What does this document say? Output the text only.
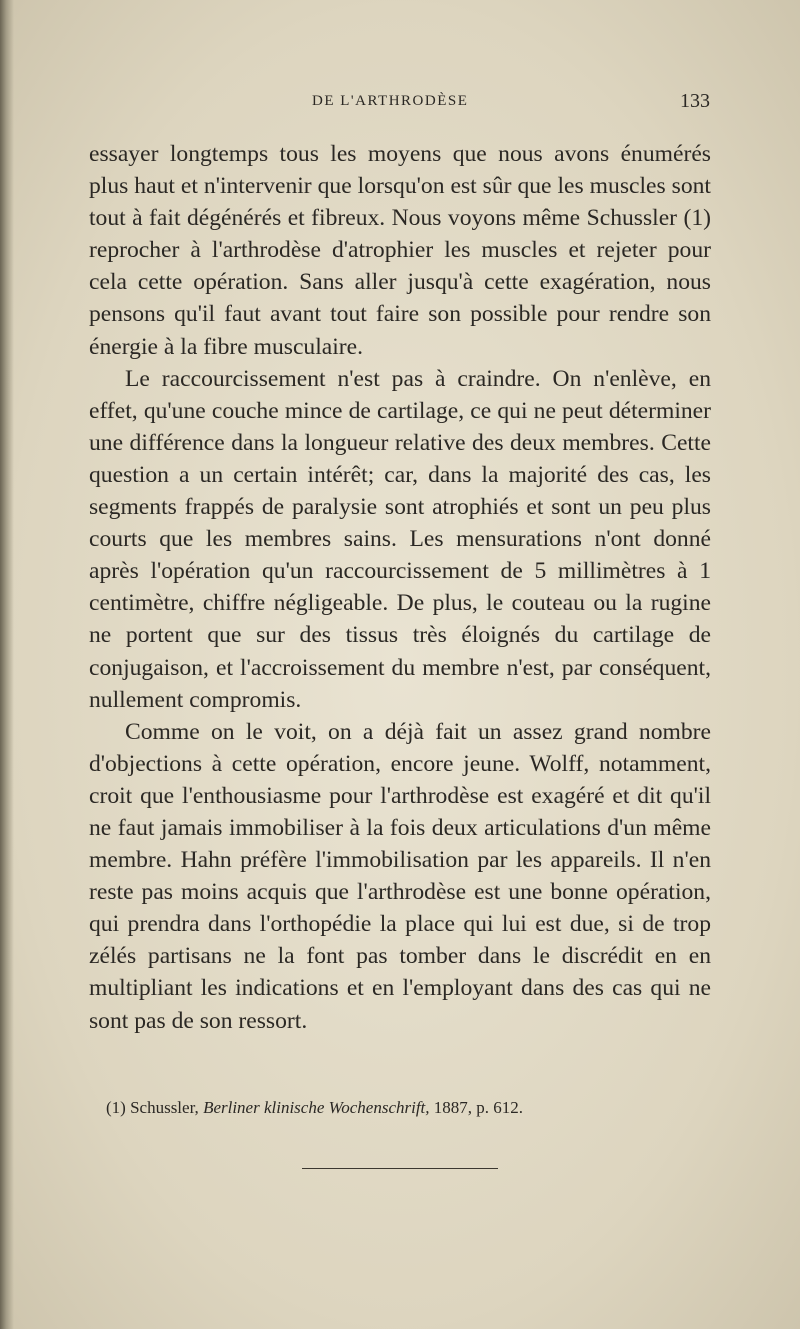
DE L'ARTHRODÈSE	133

essayer longtemps tous les moyens que nous avons énumérés plus haut et n'intervenir que lorsqu'on est sûr que les muscles sont tout à fait dégénérés et fibreux. Nous voyons même Schussler (1) reprocher à l'arthrodèse d'atrophier les muscles et rejeter pour cela cette opération. Sans aller jusqu'à cette exagération, nous pensons qu'il faut avant tout faire son possible pour rendre son énergie à la fibre musculaire.

Le raccourcissement n'est pas à craindre. On n'enlève, en effet, qu'une couche mince de cartilage, ce qui ne peut déterminer une différence dans la longueur relative des deux membres. Cette question a un certain intérêt; car, dans la majorité des cas, les segments frappés de paralysie sont atrophiés et sont un peu plus courts que les membres sains. Les mensurations n'ont donné après l'opération qu'un raccourcissement de 5 millimètres à 1 centimètre, chiffre négligeable. De plus, le couteau ou la rugine ne portent que sur des tissus très éloignés du cartilage de conjugaison, et l'accroissement du membre n'est, par conséquent, nullement compromis.

Comme on le voit, on a déjà fait un assez grand nombre d'objections à cette opération, encore jeune. Wolff, notamment, croit que l'enthousiasme pour l'arthrodèse est exagéré et dit qu'il ne faut jamais immobiliser à la fois deux articulations d'un même membre. Hahn préfère l'immobilisation par les appareils. Il n'en reste pas moins acquis que l'arthrodèse est une bonne opération, qui prendra dans l'orthopédie la place qui lui est due, si de trop zélés partisans ne la font pas tomber dans le discrédit en en multipliant les indications et en l'employant dans des cas qui ne sont pas de son ressort.

(1) Schussler, Berliner klinische Wochenschrift, 1887, p. 612.
